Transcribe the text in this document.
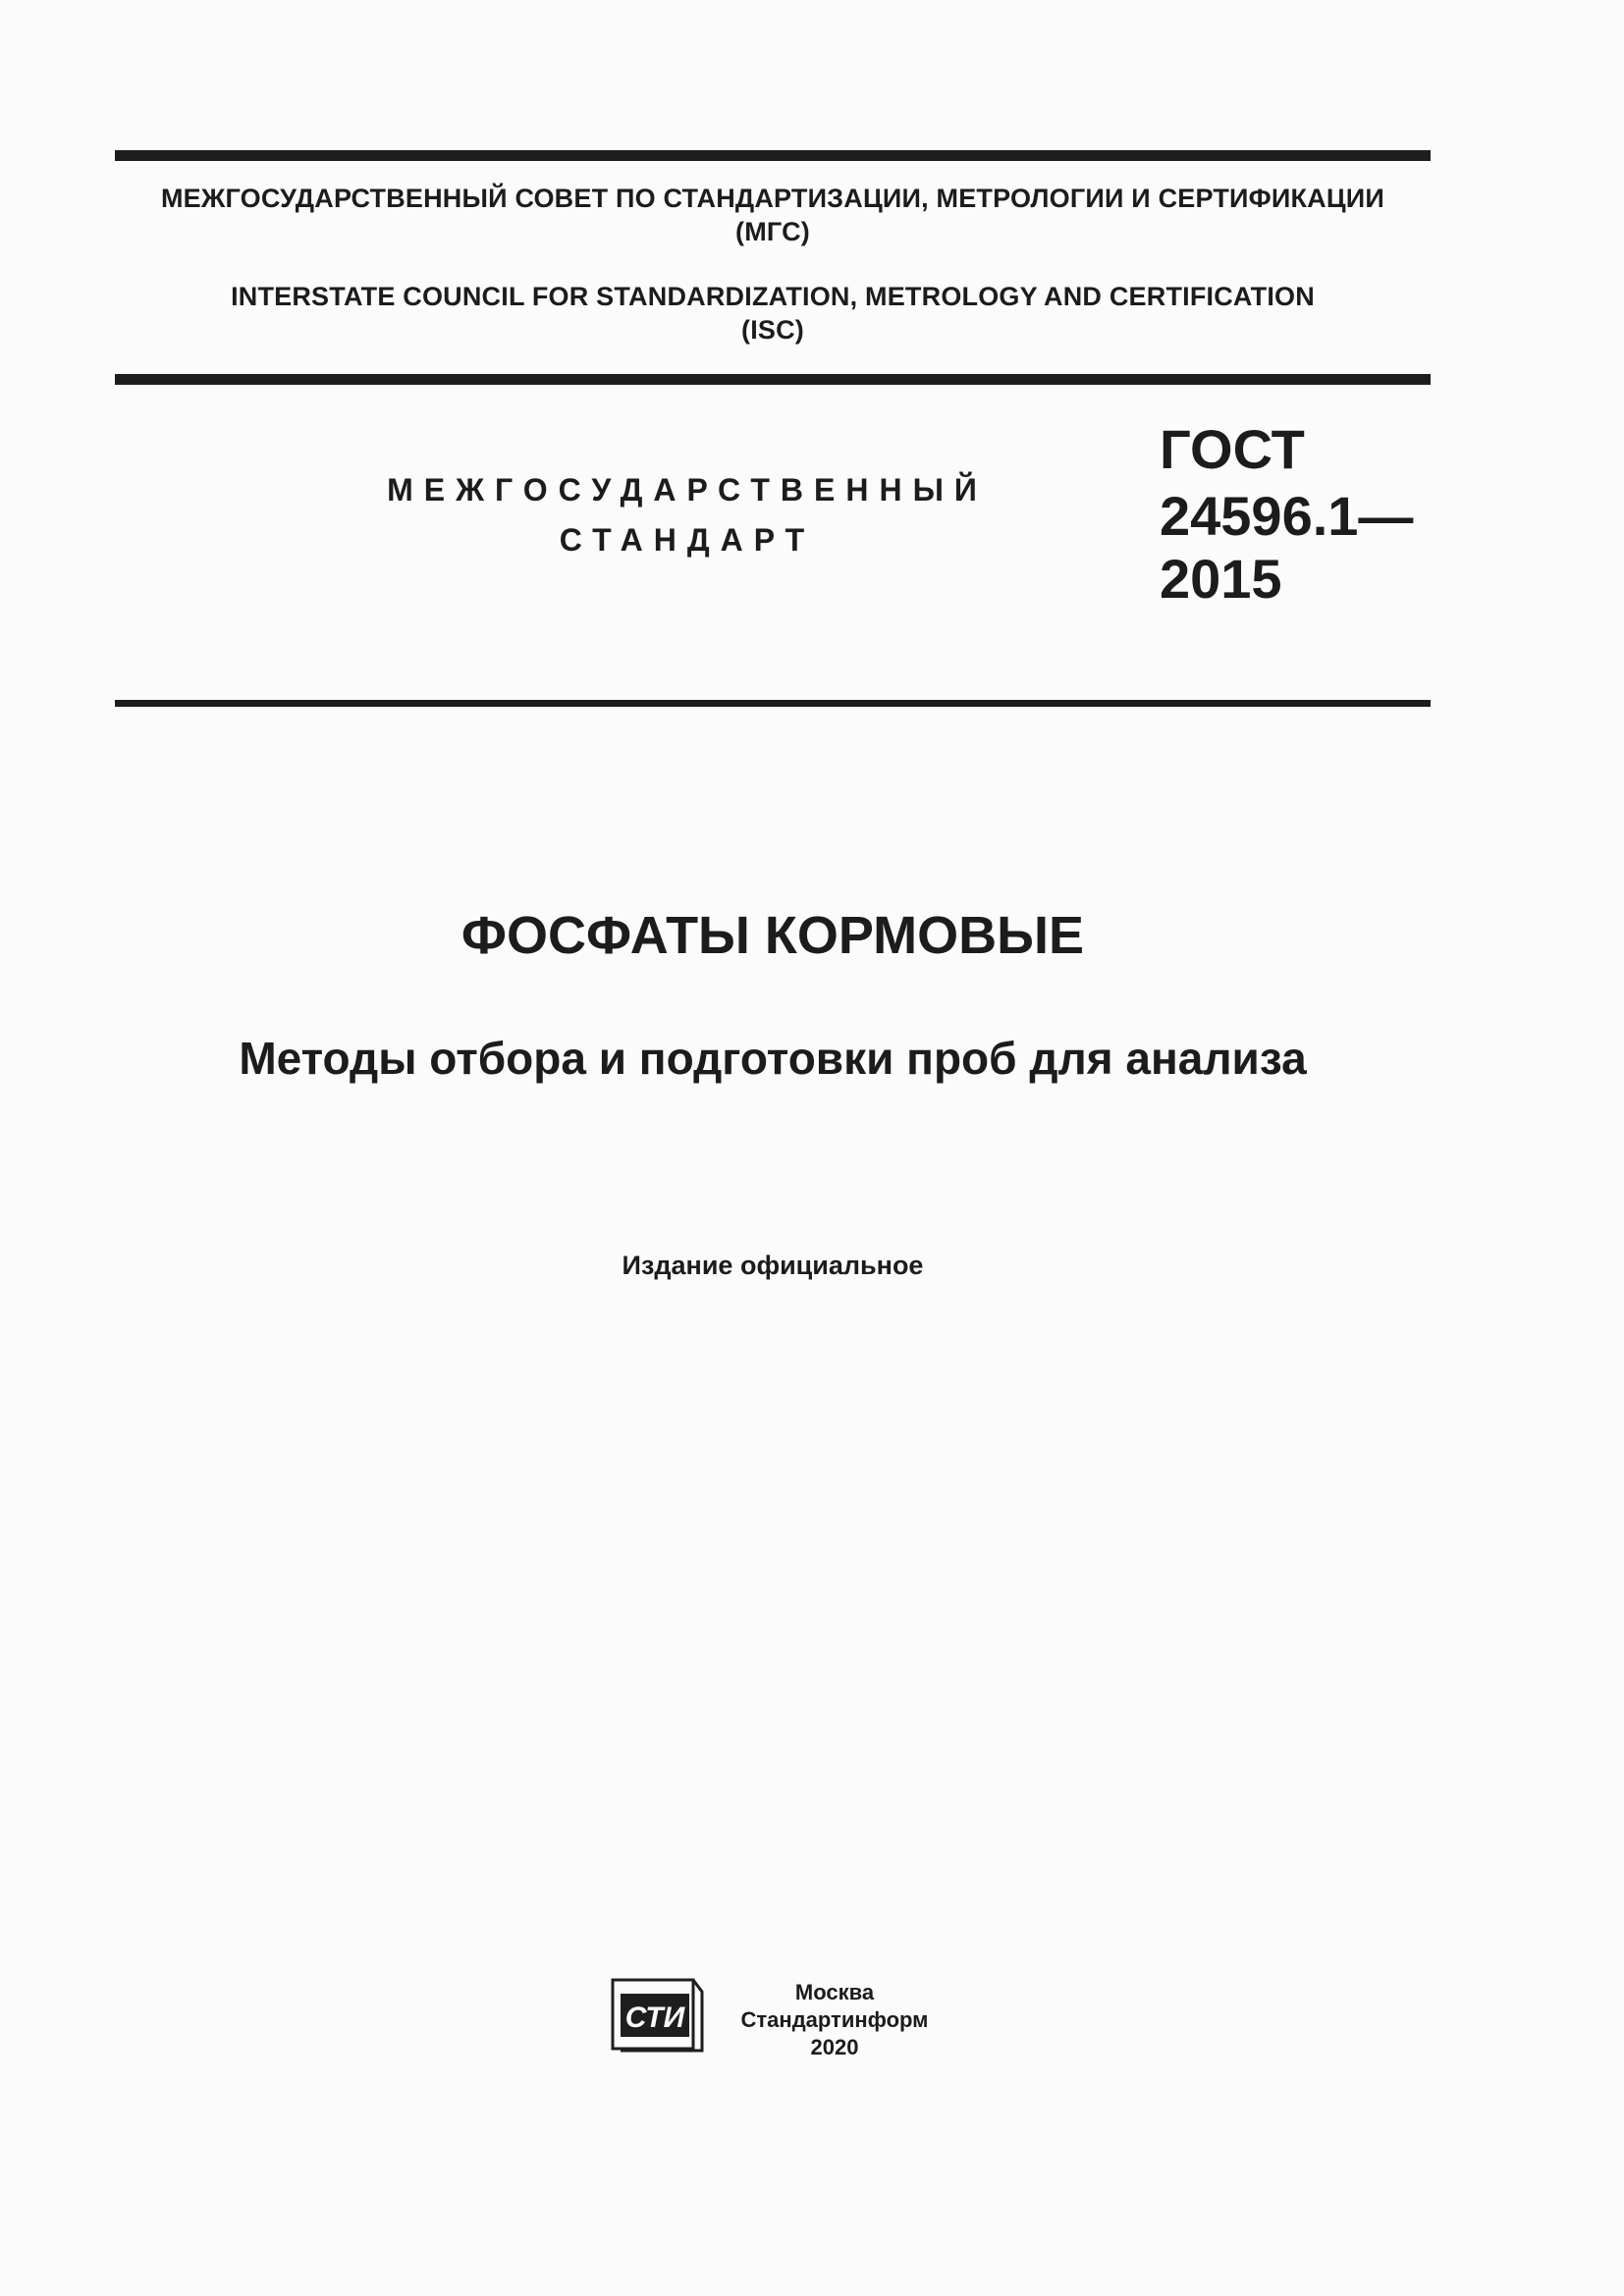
МЕЖГОСУДАРСТВЕННЫЙ СОВЕТ ПО СТАНДАРТИЗАЦИИ, МЕТРОЛОГИИ И СЕРТИФИКАЦИИ
(МГС)
INTERSTATE COUNCIL FOR STANDARDIZATION, METROLOGY AND CERTIFICATION
(ISC)
МЕЖГОСУДАРСТВЕННЫЙ
СТАНДАРТ
ГОСТ
24596.1—
2015
ФОСФАТЫ КОРМОВЫЕ
Методы отбора и подготовки проб для анализа
Издание официальное
СТИ
Москва
Стандартинформ
2020
